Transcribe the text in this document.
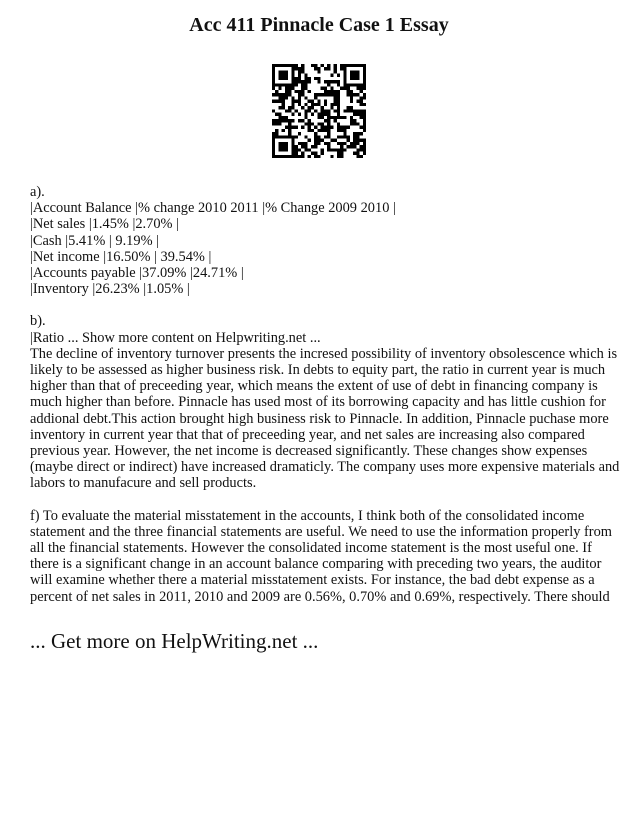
Acc 411 Pinnacle Case 1 Essay
a).
|Account Balance |% change 2010 2011 |% Change 2009 2010 |
|Net sales |1.45% |2.70% |
|Cash |5.41% | 9.19% |
|Net income |16.50% | 39.54% |
|Accounts payable |37.09% |24.71% |
|Inventory |26.23% |1.05% |
b).
|Ratio ... Show more content on Helpwriting.net ...
The decline of inventory turnover presents the incresed possibility of inventory obsolescence which is
likely to be assessed as higher business risk. In debts to equity part, the ratio in current year is much
higher than that of preceeding year, which means the extent of use of debt in financing company is
much higher than before. Pinnacle has used most of its borrowing capacity and has little cushion for
addional debt.This action brought high business risk to Pinnacle. In addition, Pinnacle puchase more
inventory in current year that that of preceeding year, and net sales are increasing also compared
previous year. However, the net income is decreased significantly. These changes show expenses
(maybe direct or indirect) have increased dramaticly. The company uses more expensive materials and
labors to manufacure and sell products.
f) To evaluate the material misstatement in the accounts, I think both of the consolidated income
statement and the three financial statements are useful. We need to use the information properly from
all the financial statements. However the consolidated income statement is the most useful one. If
there is a significant change in an account balance comparing with preceding two years, the auditor
will examine whether there a material misstatement exists. For instance, the bad debt expense as a
percent of net sales in 2011, 2010 and 2009 are 0.56%, 0.70% and 0.69%, respectively. There should
... Get more on HelpWriting.net ...
